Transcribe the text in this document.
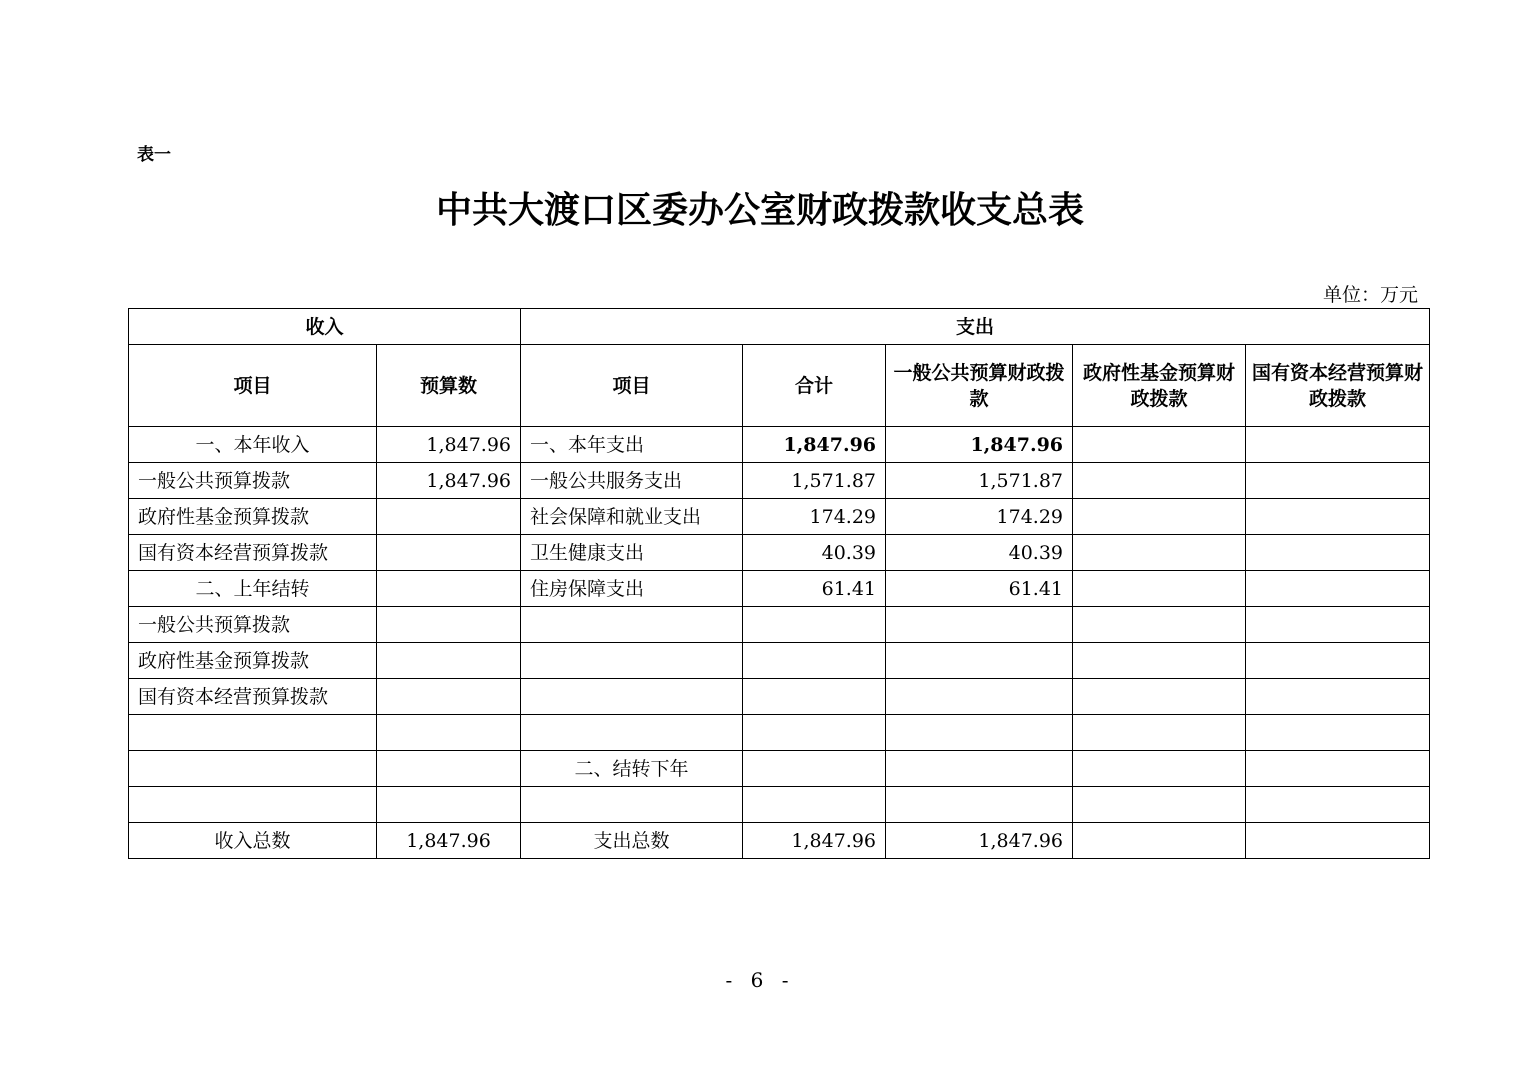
表一
中共大渡口区委办公室财政拨款收支总表
单位：万元
收入		支出				
项目	预算数	项目	合计	一般公共预算财政拨款	政府性基金预算财政拨款	国有资本经营预算财政拨款
一、本年收入	1,847.96	一、本年支出	1,847.96	1,847.96		
一般公共预算拨款	1,847.96	一般公共服务支出	1,571.87	1,571.87		
政府性基金预算拨款		社会保障和就业支出	174.29	174.29		
国有资本经营预算拨款		卫生健康支出	40.39	40.39		
二、上年结转		住房保障支出	61.41	61.41		
一般公共预算拨款						
政府性基金预算拨款						
国有资本经营预算拨款						

		二、结转下年				

收入总数	1,847.96	支出总数	1,847.96	1,847.96		
- 6 -
